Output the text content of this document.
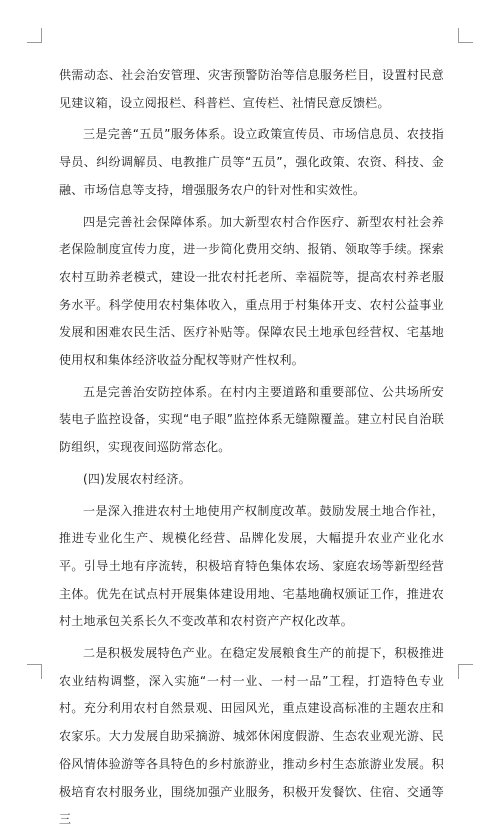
供需动态、社会治安管理、灾害预警防治等信息服务栏目，设置村民意见建议箱，设立阅报栏、科普栏、宣传栏、社情民意反馈栏。

三是完善“五员”服务体系。设立政策宣传员、市场信息员、农技指导员、纠纷调解员、电教推广员等“五员”，强化政策、农资、科技、金融、市场信息等支持，增强服务农户的针对性和实效性。

四是完善社会保障体系。加大新型农村合作医疗、新型农村社会养老保险制度宣传力度，进一步简化费用交纳、报销、领取等手续。探索农村互助养老模式，建设一批农村托老所、幸福院等，提高农村养老服务水平。科学使用农村集体收入，重点用于村集体开支、农村公益事业发展和困难农民生活、医疗补贴等。保障农民土地承包经营权、宅基地使用权和集体经济收益分配权等财产性权利。

五是完善治安防控体系。在村内主要道路和重要部位、公共场所安装电子监控设备，实现“电子眼”监控体系无缝隙覆盖。建立村民自治联防组织，实现夜间巡防常态化。

(四)发展农村经济。

一是深入推进农村土地使用产权制度改革。鼓励发展土地合作社，推进专业化生产、规模化经营、品牌化发展，大幅提升农业产业化水平。引导土地有序流转，积极培育特色集体农场、家庭农场等新型经营主体。优先在试点村开展集体建设用地、宅基地确权颁证工作，推进农村土地承包关系长久不变改革和农村资产产权化改革。

二是积极发展特色产业。在稳定发展粮食生产的前提下，积极推进农业结构调整，深入实施“一村一业、一村一品”工程，打造特色专业村。充分利用农村自然景观、田园风光，重点建设高标准的主题农庄和农家乐。大力发展自助采摘游、城郊休闲度假游、生态农业观光游、民俗风情体验游等各具特色的乡村旅游业，推动乡村生态旅游业发展。积极培育农村服务业，围绕加强产业服务，积极开发餐饮、住宿、交通等三
